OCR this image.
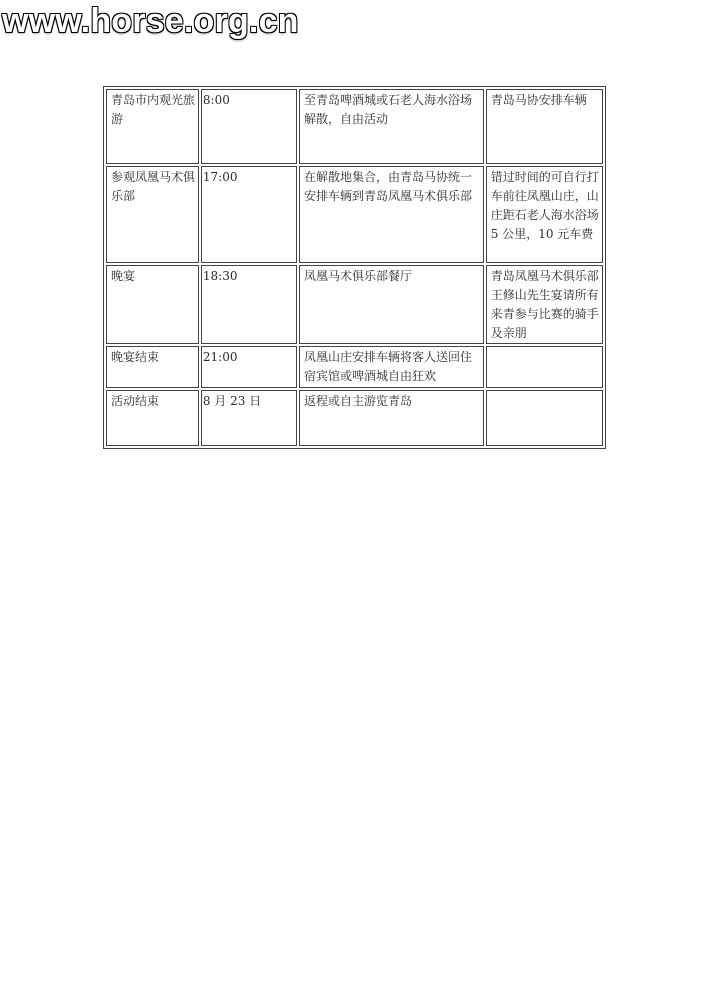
www.horse.org.cn
青岛市内观光旅游	8:00	至青岛啤酒城或石老人海水浴场解散，自由活动	青岛马协安排车辆
参观凤凰马术俱乐部	17:00	在解散地集合，由青岛马协统一安排车辆到青岛凤凰马术俱乐部	错过时间的可自行打车前往凤凰山庄，山庄距石老人海水浴场 5 公里，10 元车费
晚宴	18:30	凤凰马术俱乐部餐厅	青岛凤凰马术俱乐部王修山先生宴请所有来青参与比赛的骑手及亲朋
晚宴结束	21:00	凤凰山庄安排车辆将客人送回住宿宾馆或啤酒城自由狂欢	
活动结束	8 月 23 日	返程或自主游览青岛	
